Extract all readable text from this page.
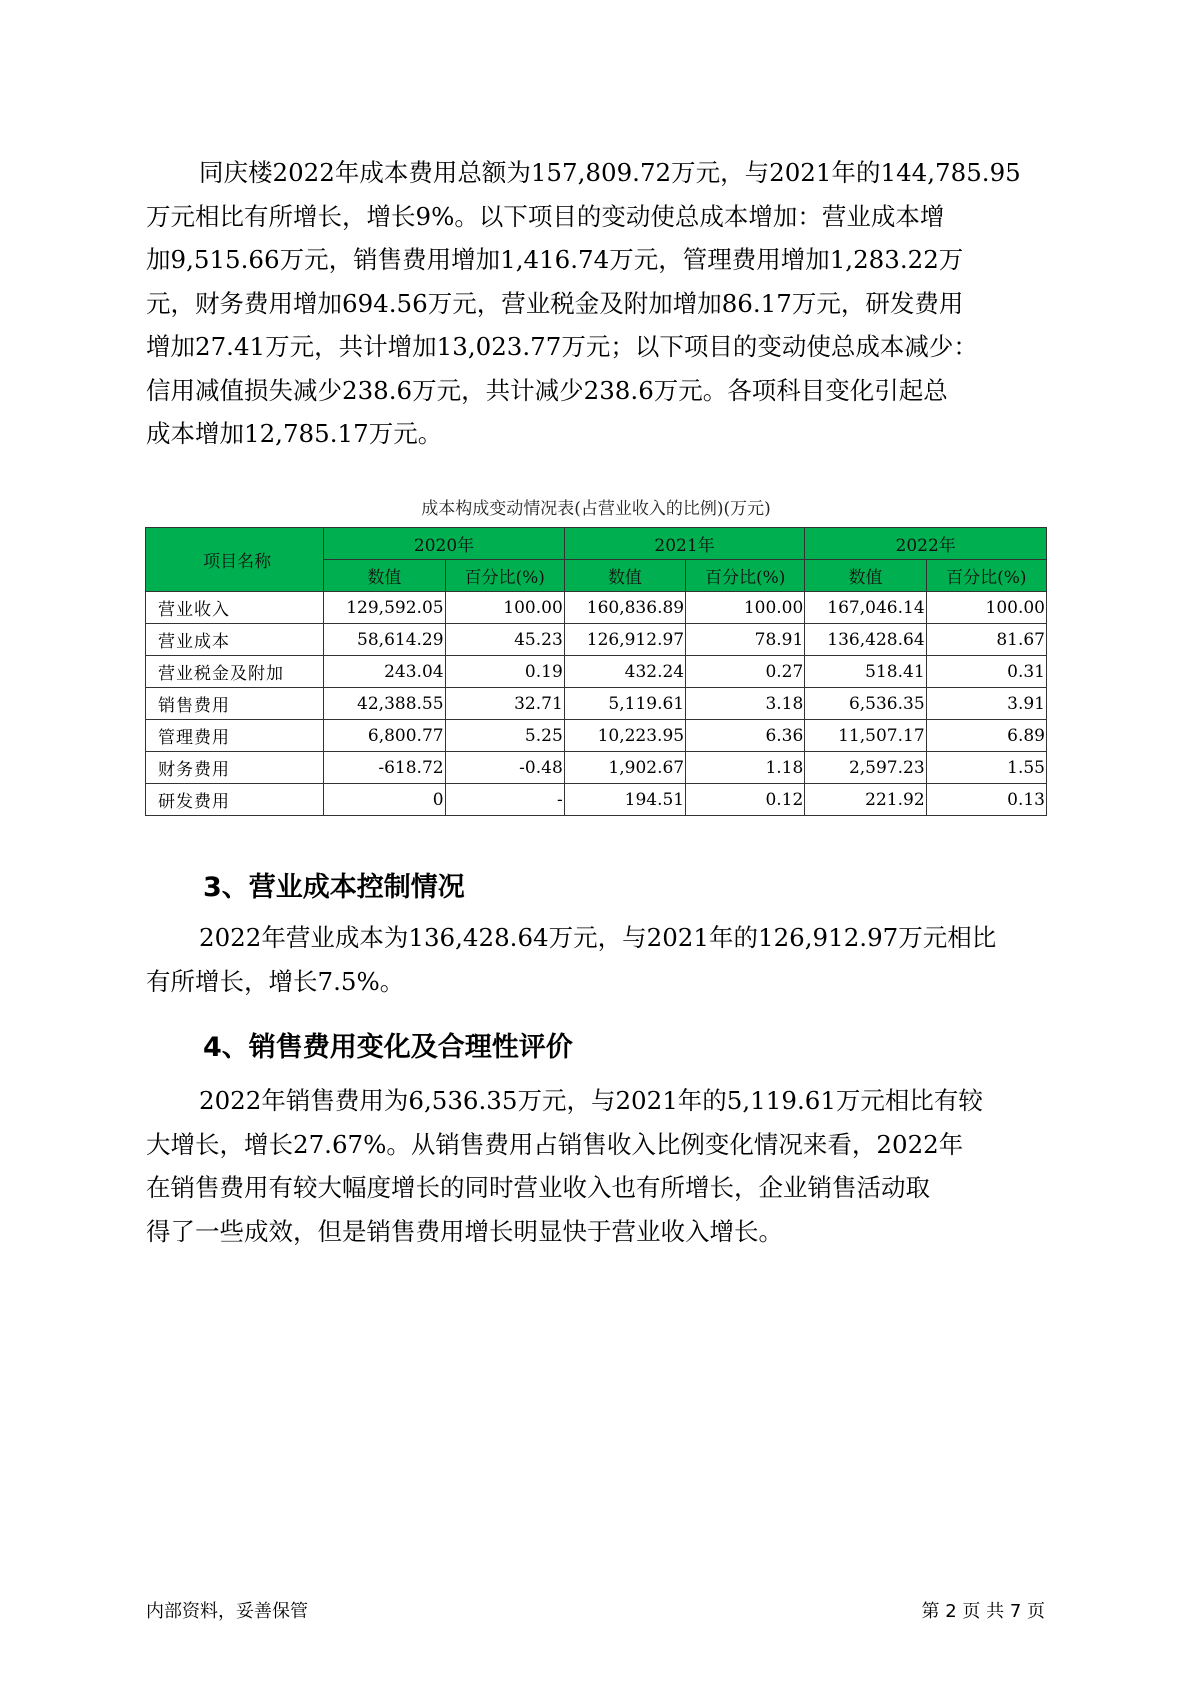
同庆楼2022年成本费用总额为157,809.72万元，与2021年的144,785.95
万元相比有所增长，增长9%。以下项目的变动使总成本增加：营业成本增
加9,515.66万元，销售费用增加1,416.74万元，管理费用增加1,283.22万
元，财务费用增加694.56万元，营业税金及附加增加86.17万元，研发费用
增加27.41万元，共计增加13,023.77万元；以下项目的变动使总成本减少：
信用减值损失减少238.6万元，共计减少238.6万元。各项科目变化引起总
成本增加12,785.17万元。

成本构成变动情况表(占营业收入的比例)(万元)
项目名称	2020年		2021年		2022年	
	数值	百分比(%)	数值	百分比(%)	数值	百分比(%)
营业收入	129,592.05	100.00	160,836.89	100.00	167,046.14	100.00
营业成本	58,614.29	45.23	126,912.97	78.91	136,428.64	81.67
营业税金及附加	243.04	0.19	432.24	0.27	518.41	0.31
销售费用	42,388.55	32.71	5,119.61	3.18	6,536.35	3.91
管理费用	6,800.77	5.25	10,223.95	6.36	11,507.17	6.89
财务费用	-618.72	-0.48	1,902.67	1.18	2,597.23	1.55
研发费用	0	-	194.51	0.12	221.92	0.13
3、营业成本控制情况

2022年营业成本为136,428.64万元，与2021年的126,912.97万元相比
有所增长，增长7.5%。

4、销售费用变化及合理性评价

2022年销售费用为6,536.35万元，与2021年的5,119.61万元相比有较
大增长，增长27.67%。从销售费用占销售收入比例变化情况来看，2022年
在销售费用有较大幅度增长的同时营业收入也有所增长，企业销售活动取
得了一些成效，但是销售费用增长明显快于营业收入增长。

内部资料，妥善保管	第 2 页 共 7 页
